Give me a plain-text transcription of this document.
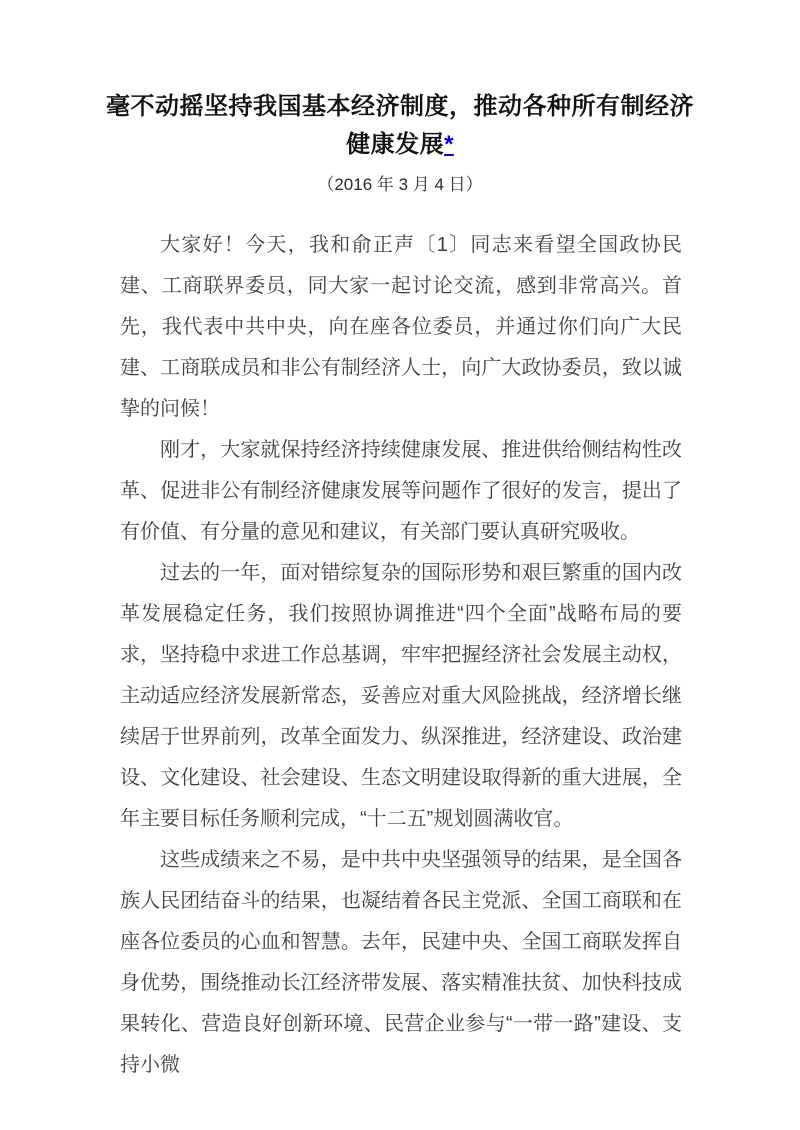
毫不动摇坚持我国基本经济制度，推动各种所有制经济健康发展*
（2016 年 3 月 4 日）

大家好！今天，我和俞正声〔1〕同志来看望全国政协民建、工商联界委员，同大家一起讨论交流，感到非常高兴。首先，我代表中共中央，向在座各位委员，并通过你们向广大民建、工商联成员和非公有制经济人士，向广大政协委员，致以诚挚的问候！

刚才，大家就保持经济持续健康发展、推进供给侧结构性改革、促进非公有制经济健康发展等问题作了很好的发言，提出了有价值、有分量的意见和建议，有关部门要认真研究吸收。

过去的一年，面对错综复杂的国际形势和艰巨繁重的国内改革发展稳定任务，我们按照协调推进“四个全面”战略布局的要求，坚持稳中求进工作总基调，牢牢把握经济社会发展主动权，主动适应经济发展新常态，妥善应对重大风险挑战，经济增长继续居于世界前列，改革全面发力、纵深推进，经济建设、政治建设、文化建设、社会建设、生态文明建设取得新的重大进展，全年主要目标任务顺利完成，“十二五”规划圆满收官。

这些成绩来之不易，是中共中央坚强领导的结果，是全国各族人民团结奋斗的结果，也凝结着各民主党派、全国工商联和在座各位委员的心血和智慧。去年，民建中央、全国工商联发挥自身优势，围绕推动长江经济带发展、落实精准扶贫、加快科技成果转化、营造良好创新环境、民营企业参与“一带一路”建设、支持小微
